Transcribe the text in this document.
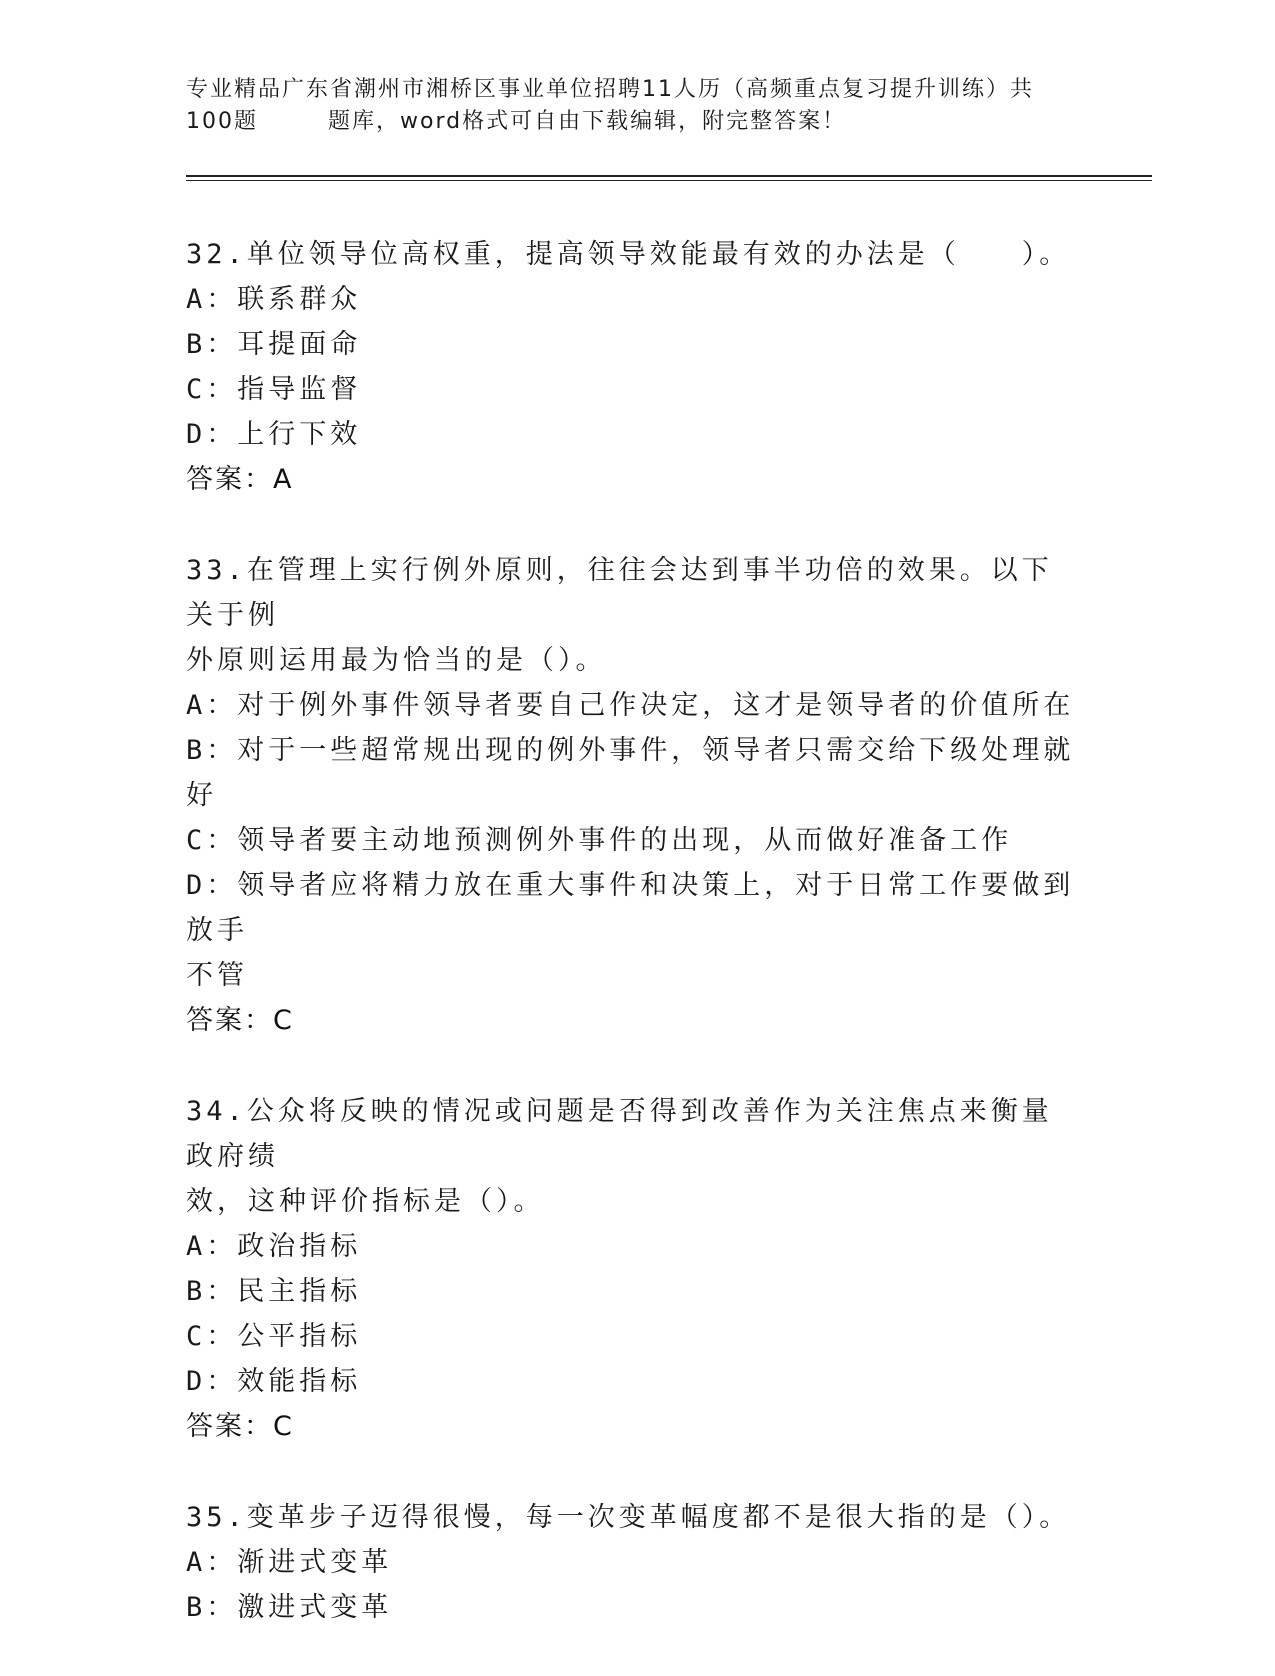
专业精品广东省潮州市湘桥区事业单位招聘11人历（高频重点复习提升训练）共
100题	题库，word格式可自由下载编辑，附完整答案！
32.单位领导位高权重，提高领导效能最有效的办法是（　　）。
A：联系群众
B：耳提面命
C：指导监督
D：上行下效
答案：A
33.在管理上实行例外原则，往往会达到事半功倍的效果。以下关于例
外原则运用最为恰当的是（）。
A：对于例外事件领导者要自己作决定，这才是领导者的价值所在
B：对于一些超常规出现的例外事件，领导者只需交给下级处理就好
C：领导者要主动地预测例外事件的出现，从而做好准备工作
D：领导者应将精力放在重大事件和决策上，对于日常工作要做到放手
不管
答案：C
34.公众将反映的情况或问题是否得到改善作为关注焦点来衡量政府绩
效，这种评价指标是（）。
A：政治指标
B：民主指标
C：公平指标
D：效能指标
答案：C
35.变革步子迈得很慢，每一次变革幅度都不是很大指的是（）。
A：渐进式变革
B：激进式变革
